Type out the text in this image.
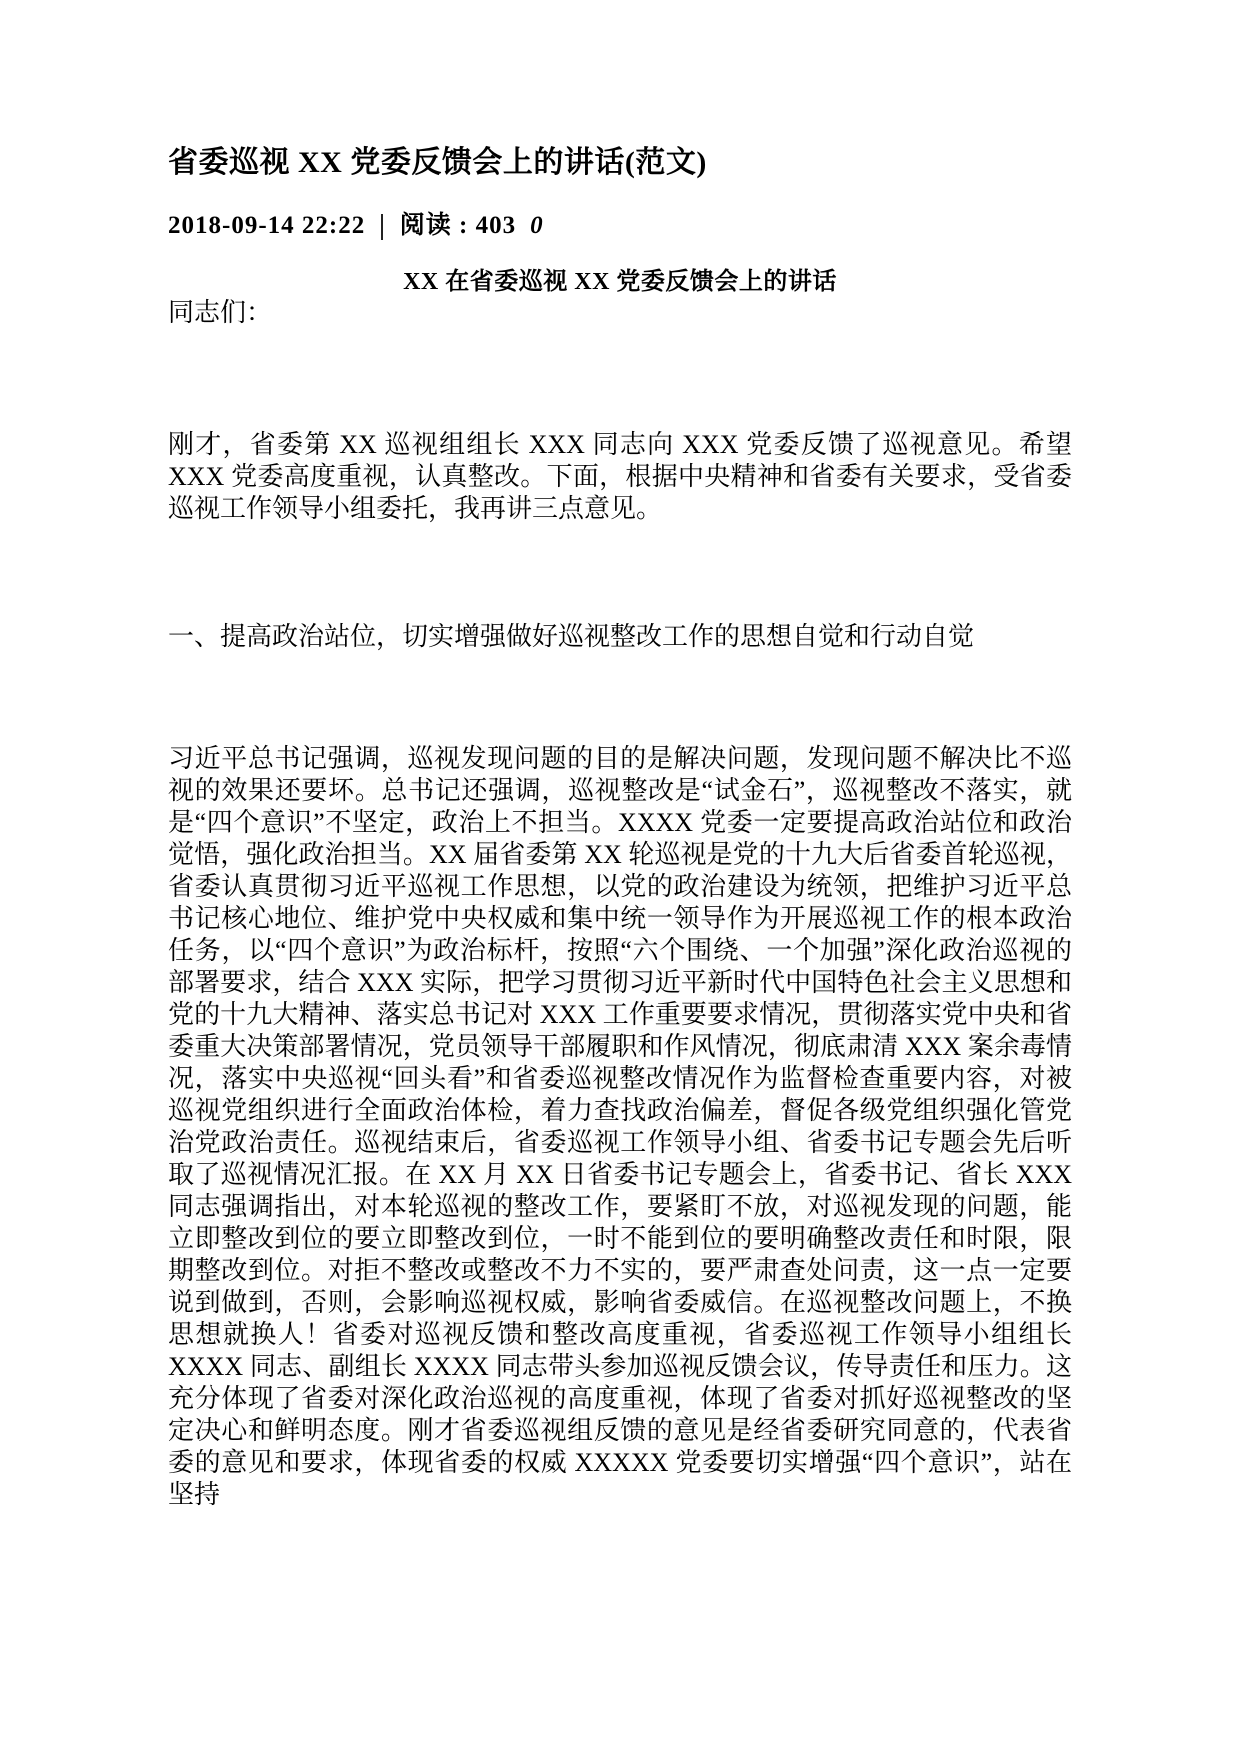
省委巡视 XX 党委反馈会上的讲话(范文)
2018-09-14 22:22 | 阅读 : 403 0
XX 在省委巡视 XX 党委反馈会上的讲话

同志们：

刚才，省委第 XX 巡视组组长 XXX 同志向 XXX 党委反馈了巡视意见。希望 XXX 党委高度重视，认真整改。下面，根据中央精神和省委有关要求，受省委巡视工作领导小组委托，我再讲三点意见。

一、提高政治站位，切实增强做好巡视整改工作的思想自觉和行动自觉

习近平总书记强调，巡视发现问题的目的是解决问题，发现问题不解决比不巡视的效果还要坏。总书记还强调，巡视整改是“试金石”，巡视整改不落实，就是“四个意识”不坚定，政治上不担当。XXXX 党委一定要提高政治站位和政治觉悟，强化政治担当。XX 届省委第 XX 轮巡视是党的十九大后省委首轮巡视，省委认真贯彻习近平巡视工作思想，以党的政治建设为统领，把维护习近平总书记核心地位、维护党中央权威和集中统一领导作为开展巡视工作的根本政治任务，以“四个意识”为政治标杆，按照“六个围绕、一个加强”深化政治巡视的部署要求，结合 XXX 实际，把学习贯彻习近平新时代中国特色社会主义思想和党的十九大精神、落实总书记对 XXX 工作重要要求情况，贯彻落实党中央和省委重大决策部署情况，党员领导干部履职和作风情况，彻底肃清 XXX 案余毒情况，落实中央巡视“回头看”和省委巡视整改情况作为监督检查重要内容，对被巡视党组织进行全面政治体检，着力查找政治偏差，督促各级党组织强化管党治党政治责任。巡视结束后，省委巡视工作领导小组、省委书记专题会先后听取了巡视情况汇报。在 XX 月 XX 日省委书记专题会上，省委书记、省长 XXX 同志强调指出，对本轮巡视的整改工作，要紧盯不放，对巡视发现的问题，能立即整改到位的要立即整改到位，一时不能到位的要明确整改责任和时限，限期整改到位。对拒不整改或整改不力不实的，要严肃查处问责，这一点一定要说到做到，否则，会影响巡视权威，影响省委威信。在巡视整改问题上，不换思想就换人！省委对巡视反馈和整改高度重视，省委巡视工作领导小组组长 XXXX 同志、副组长 XXXX 同志带头参加巡视反馈会议，传导责任和压力。这充分体现了省委对深化政治巡视的高度重视，体现了省委对抓好巡视整改的坚定决心和鲜明态度。刚才省委巡视组反馈的意见是经省委研究同意的，代表省委的意见和要求，体现省委的权威 XXXXX 党委要切实增强“四个意识”，站在坚持
